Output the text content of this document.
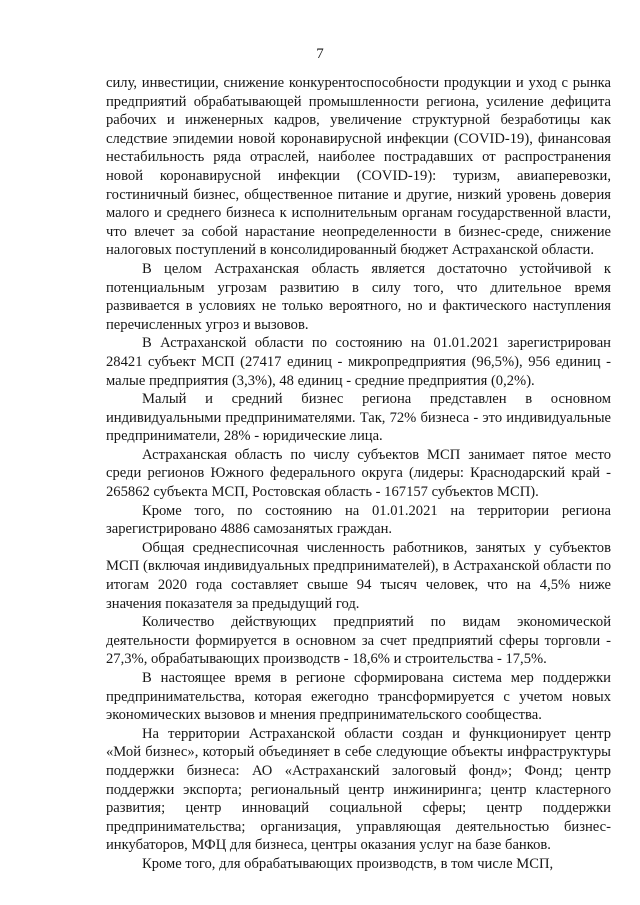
7

силу, инвестиции, снижение конкурентоспособности продукции и уход с рынка предприятий обрабатывающей промышленности региона, усиление дефицита рабочих и инженерных кадров, увеличение структурной безработицы как следствие эпидемии новой коронавирусной инфекции (COVID-19), финансовая нестабильность ряда отраслей, наиболее пострадавших от распространения новой коронавирусной инфекции (COVID-19): туризм, авиаперевозки, гостиничный бизнес, общественное питание и другие, низкий уровень доверия малого и среднего бизнеса к исполнительным органам государственной власти, что влечет за собой нарастание неопределенности в бизнес-среде, снижение налоговых поступлений в консолидированный бюджет Астраханской области.

В целом Астраханская область является достаточно устойчивой к потенциальным угрозам развитию в силу того, что длительное время развивается в условиях не только вероятного, но и фактического наступления перечисленных угроз и вызовов.

В Астраханской области по состоянию на 01.01.2021 зарегистрирован 28421 субъект МСП (27417 единиц - микропредприятия (96,5%), 956 единиц - малые предприятия (3,3%), 48 единиц - средние предприятия (0,2%).

Малый и средний бизнес региона представлен в основном индивидуальными предпринимателями. Так, 72% бизнеса - это индивидуальные предприниматели, 28% - юридические лица.

Астраханская область по числу субъектов МСП занимает пятое место среди регионов Южного федерального округа (лидеры: Краснодарский край - 265862 субъекта МСП, Ростовская область - 167157 субъектов МСП).

Кроме того, по состоянию на 01.01.2021 на территории региона зарегистрировано 4886 самозанятых граждан.

Общая среднесписочная численность работников, занятых у субъектов МСП (включая индивидуальных предпринимателей), в Астраханской области по итогам 2020 года составляет свыше 94 тысяч человек, что на 4,5% ниже значения показателя за предыдущий год.

Количество действующих предприятий по видам экономической деятельности формируется в основном за счет предприятий сферы торговли - 27,3%, обрабатывающих производств - 18,6% и строительства - 17,5%.

В настоящее время в регионе сформирована система мер поддержки предпринимательства, которая ежегодно трансформируется с учетом новых экономических вызовов и мнения предпринимательского сообщества.

На территории Астраханской области создан и функционирует центр «Мой бизнес», который объединяет в себе следующие объекты инфраструктуры поддержки бизнеса: АО «Астраханский залоговый фонд»; Фонд; центр поддержки экспорта; региональный центр инжиниринга; центр кластерного развития; центр инноваций социальной сферы; центр поддержки предпринимательства; организация, управляющая деятельностью бизнес-инкубаторов, МФЦ для бизнеса, центры оказания услуг на базе банков.

Кроме того, для обрабатывающих производств, в том числе МСП,
